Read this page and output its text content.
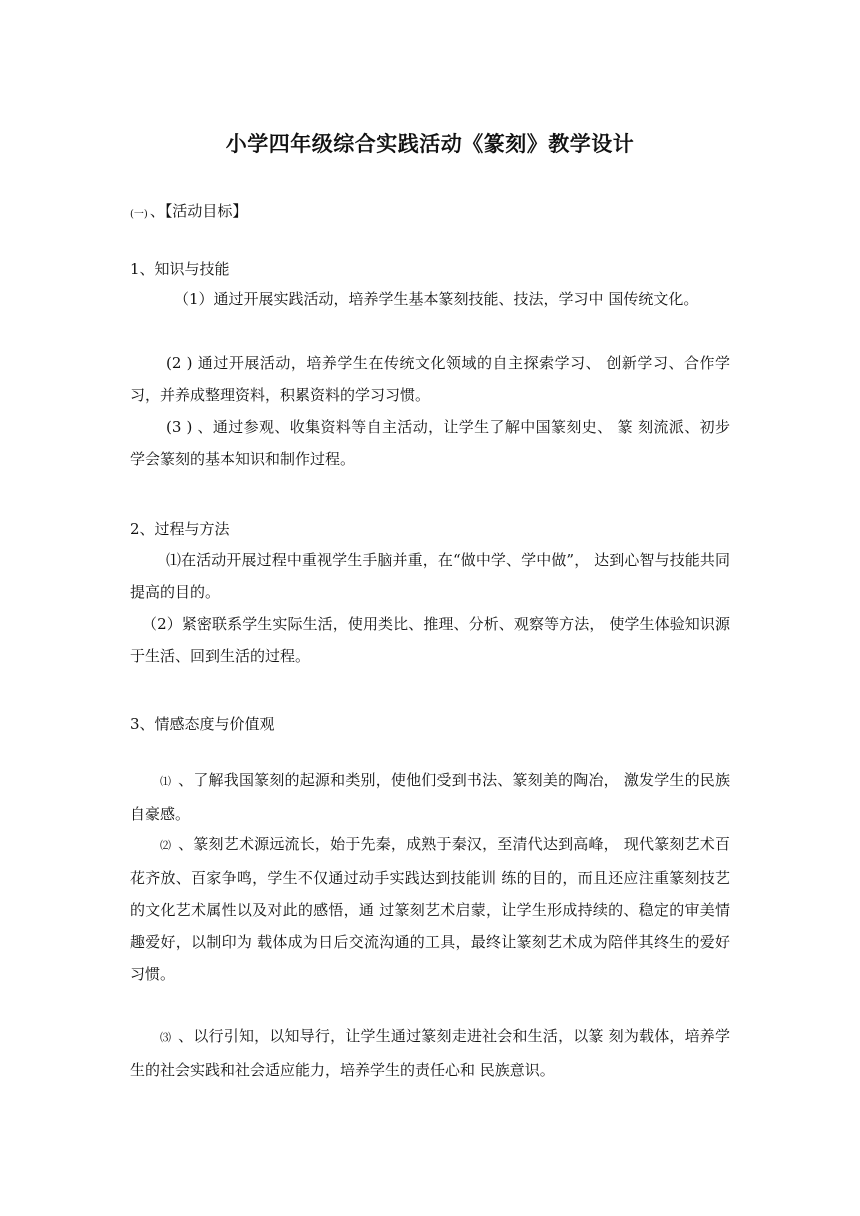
小学四年级综合实践活动《篆刻》教学设计
(一) 、【活动目标】
1、知识与技能
（1）通过开展实践活动，培养学生基本篆刻技能、技法，学习中 国传统文化。
(2 ) 通过开展活动，培养学生在传统文化领域的自主探索学习、 创新学习、合作学习，并养成整理资料，积累资料的学习习惯。
(3 ) 、通过参观、收集资料等自主活动，让学生了解中国篆刻史、 篆 刻流派、初步学会篆刻的基本知识和制作过程。
2、过程与方法
⑴在活动开展过程中重视学生手脑并重，在“做中学、学中做”， 达到心智与技能共同提高的目的。
（2）紧密联系学生实际生活，使用类比、推理、分析、观察等方法， 使学生体验知识源于生活、回到生活的过程。
3、情感态度与价值观
⑴ 、了解我国篆刻的起源和类别，使他们受到书法、篆刻美的陶冶， 激发学生的民族自豪感。
⑵ 、篆刻艺术源远流长，始于先秦，成熟于秦汉，至清代达到高峰， 现代篆刻艺术百花齐放、百家争鸣，学生不仅通过动手实践达到技能训 练的目的，而且还应注重篆刻技艺的文化艺术属性以及对此的感悟，通 过篆刻艺术启蒙，让学生形成持续的、稳定的审美情趣爱好，以制印为 载体成为日后交流沟通的工具，最终让篆刻艺术成为陪伴其终生的爱好 习惯。
⑶ 、以行引知，以知导行，让学生通过篆刻走进社会和生活，以篆 刻为载体，培养学生的社会实践和社会适应能力，培养学生的责任心和 民族意识。
